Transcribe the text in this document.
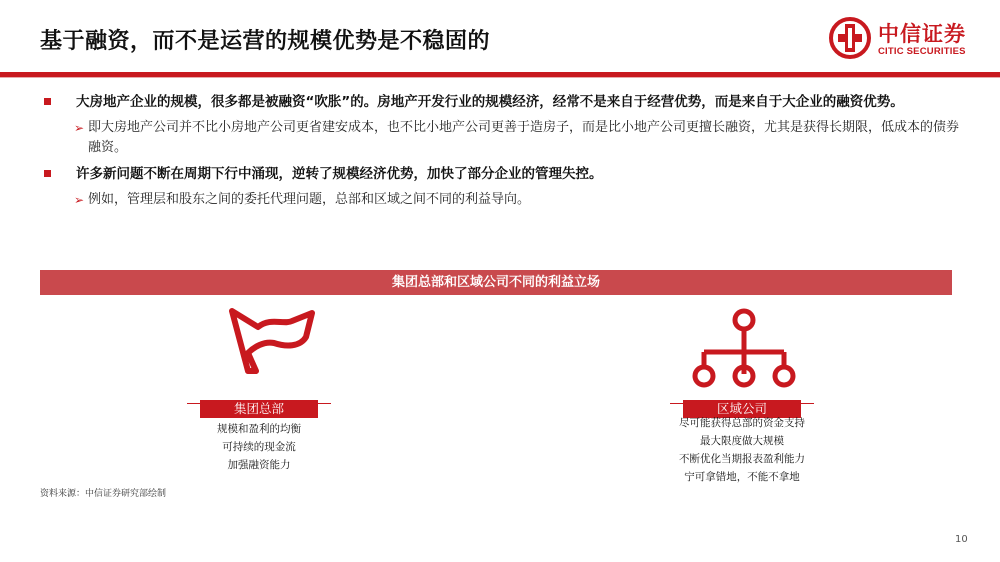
基于融资，而不是运营的规模优势是不稳固的	中信证券
CITIC SECURITIES
大房地产企业的规模，很多都是被融资“吹胀”的。房地产开发行业的规模经济，经常不是来自于经营优势，而是来自于大企业的融资优势。
➢ 即大房地产公司并不比小房地产公司更省建安成本，也不比小地产公司更善于造房子，而是比小地产公司更擅长融资，尤其是获得长期限，低成本的债券融资。
许多新问题不断在周期下行中涌现，逆转了规模经济优势，加快了部分企业的管理失控。
➢ 例如，管理层和股东之间的委托代理问题，总部和区域之间不同的利益导向。
集团总部和区域公司不同的利益立场
集团总部
规模和盈利的均衡
可持续的现金流
加强融资能力
区域公司
尽可能获得总部的资金支持
最大限度做大规模
不断优化当期报表盈利能力
宁可拿错地，不能不拿地
资料来源：中信证券研究部绘制
10
